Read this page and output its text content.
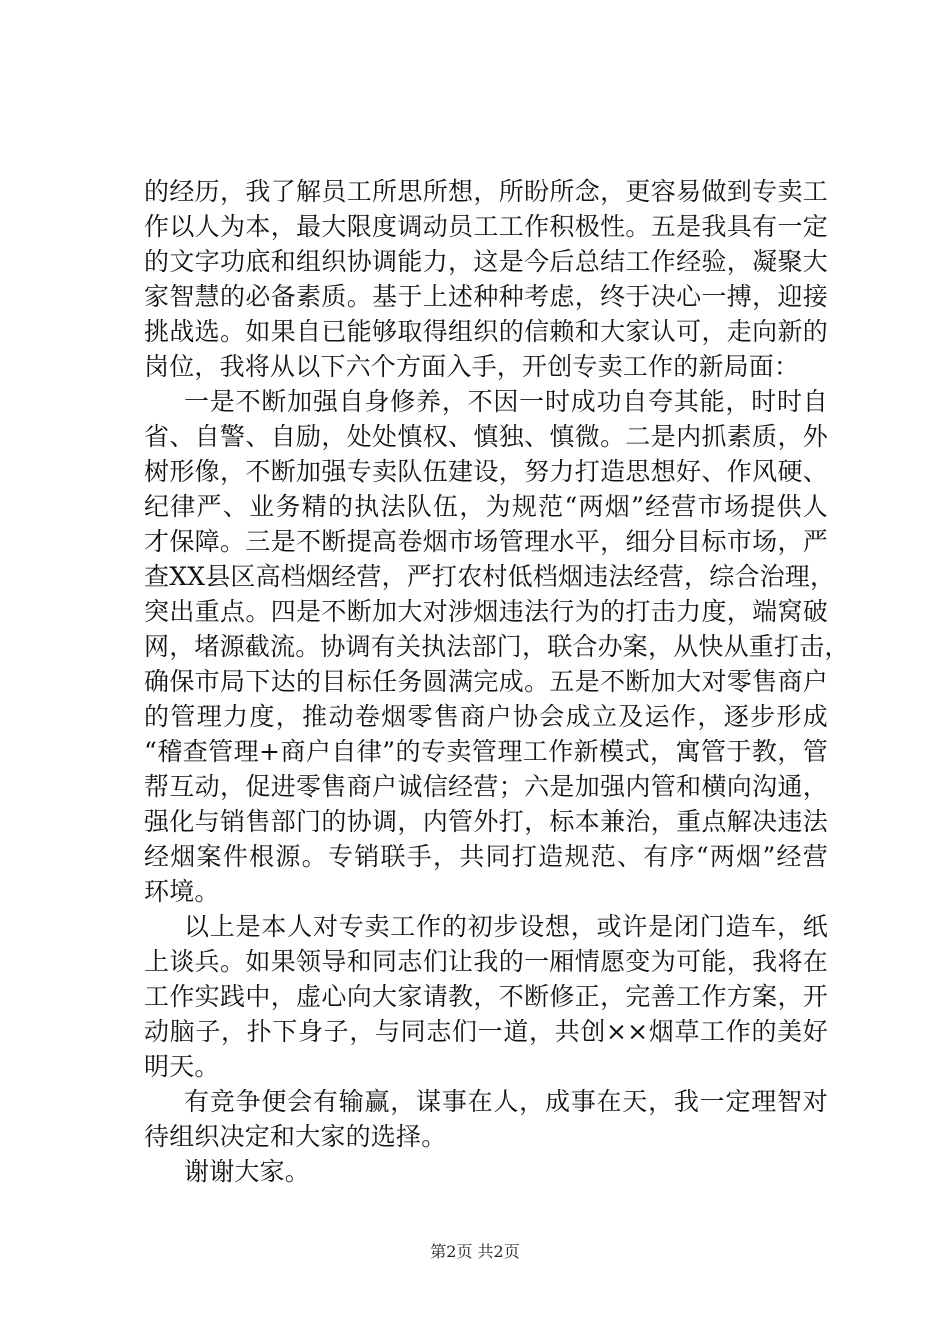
的经历，我了解员工所思所想，所盼所念，更容易做到专卖工
作以人为本，最大限度调动员工工作积极性。五是我具有一定
的文字功底和组织协调能力，这是今后总结工作经验，凝聚大
家智慧的必备素质。基于上述种种考虑，终于决心一搏，迎接
挑战选。如果自已能够取得组织的信赖和大家认可，走向新的
岗位，我将从以下六个方面入手，开创专卖工作的新局面：
一是不断加强自身修养，不因一时成功自夸其能，时时自
省、自警、自励，处处慎权、慎独、慎微。二是内抓素质，外
树形像，不断加强专卖队伍建设，努力打造思想好、作风硬、
纪律严、业务精的执法队伍，为规范“两烟”经营市场提供人
才保障。三是不断提高卷烟市场管理水平，细分目标市场，严
查XX县区高档烟经营，严打农村低档烟违法经营，综合治理，
突出重点。四是不断加大对涉烟违法行为的打击力度，端窝破
网，堵源截流。协调有关执法部门，联合办案，从快从重打击，
确保市局下达的目标任务圆满完成。五是不断加大对零售商户
的管理力度，推动卷烟零售商户协会成立及运作，逐步形成
“稽查管理+商户自律”的专卖管理工作新模式，寓管于教，管
帮互动，促进零售商户诚信经营；六是加强内管和横向沟通，
强化与销售部门的协调，内管外打，标本兼治，重点解决违法
经烟案件根源。专销联手，共同打造规范、有序“两烟”经营
环境。
以上是本人对专卖工作的初步设想，或许是闭门造车，纸
上谈兵。如果领导和同志们让我的一厢情愿变为可能，我将在
工作实践中，虚心向大家请教，不断修正，完善工作方案，开
动脑子，扑下身子，与同志们一道，共创××烟草工作的美好
明天。
有竞争便会有输赢，谋事在人，成事在天，我一定理智对
待组织决定和大家的选择。
谢谢大家。
第2页 共2页
